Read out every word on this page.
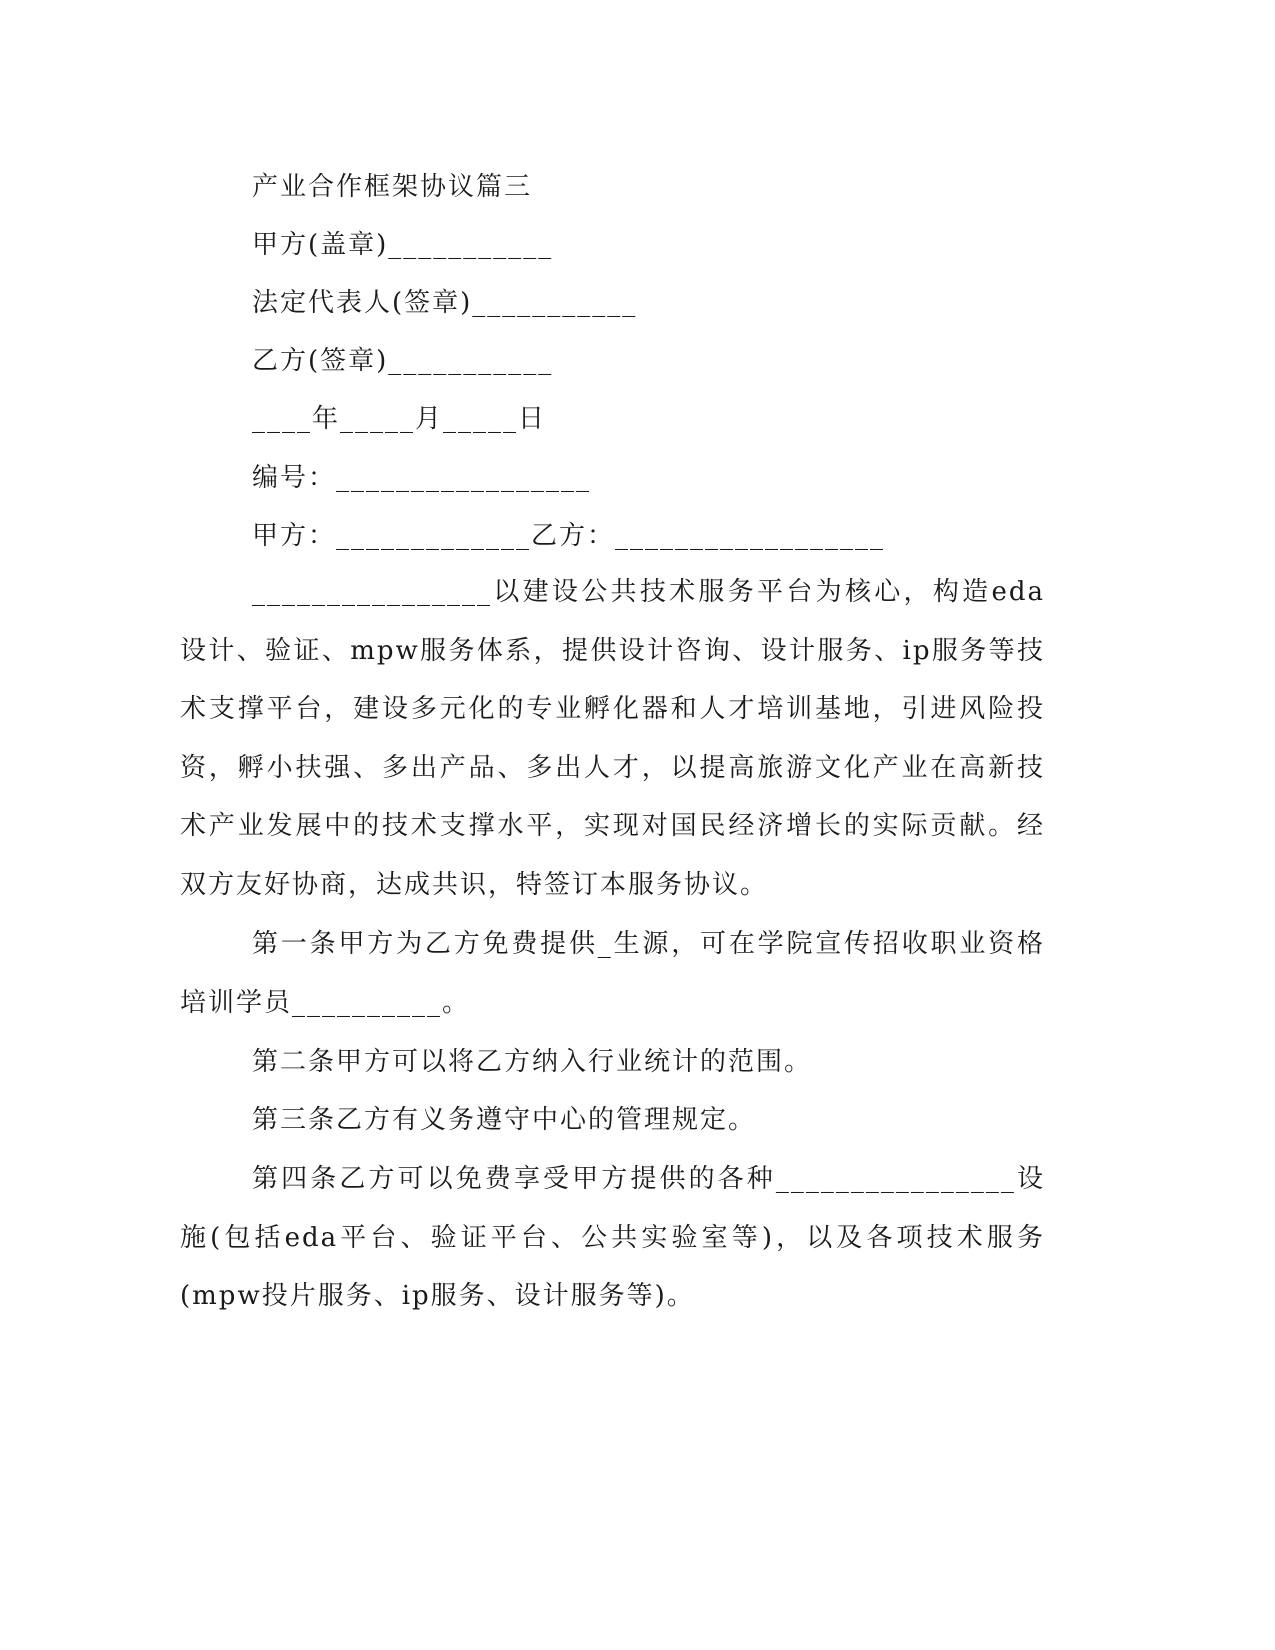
产业合作框架协议篇三
甲方(盖章)___________
法定代表人(签章)___________
乙方(签章)___________
____年_____月_____日
编号：_________________
甲方：_____________乙方：__________________

________________以建设公共技术服务平台为核心，构造eda设计、验证、mpw服务体系，提供设计咨询、设计服务、ip服务等技术支撑平台，建设多元化的专业孵化器和人才培训基地，引进风险投资，孵小扶强、多出产品、多出人才，以提高旅游文化产业在高新技术产业发展中的技术支撑水平，实现对国民经济增长的实际贡献。经双方友好协商，达成共识，特签订本服务协议。

第一条甲方为乙方免费提供_生源，可在学院宣传招收职业资格培训学员__________。

第二条甲方可以将乙方纳入行业统计的范围。

第三条乙方有义务遵守中心的管理规定。

第四条乙方可以免费享受甲方提供的各种________________设施(包括eda平台、验证平台、公共实验室等)，以及各项技术服务(mpw投片服务、ip服务、设计服务等)。
